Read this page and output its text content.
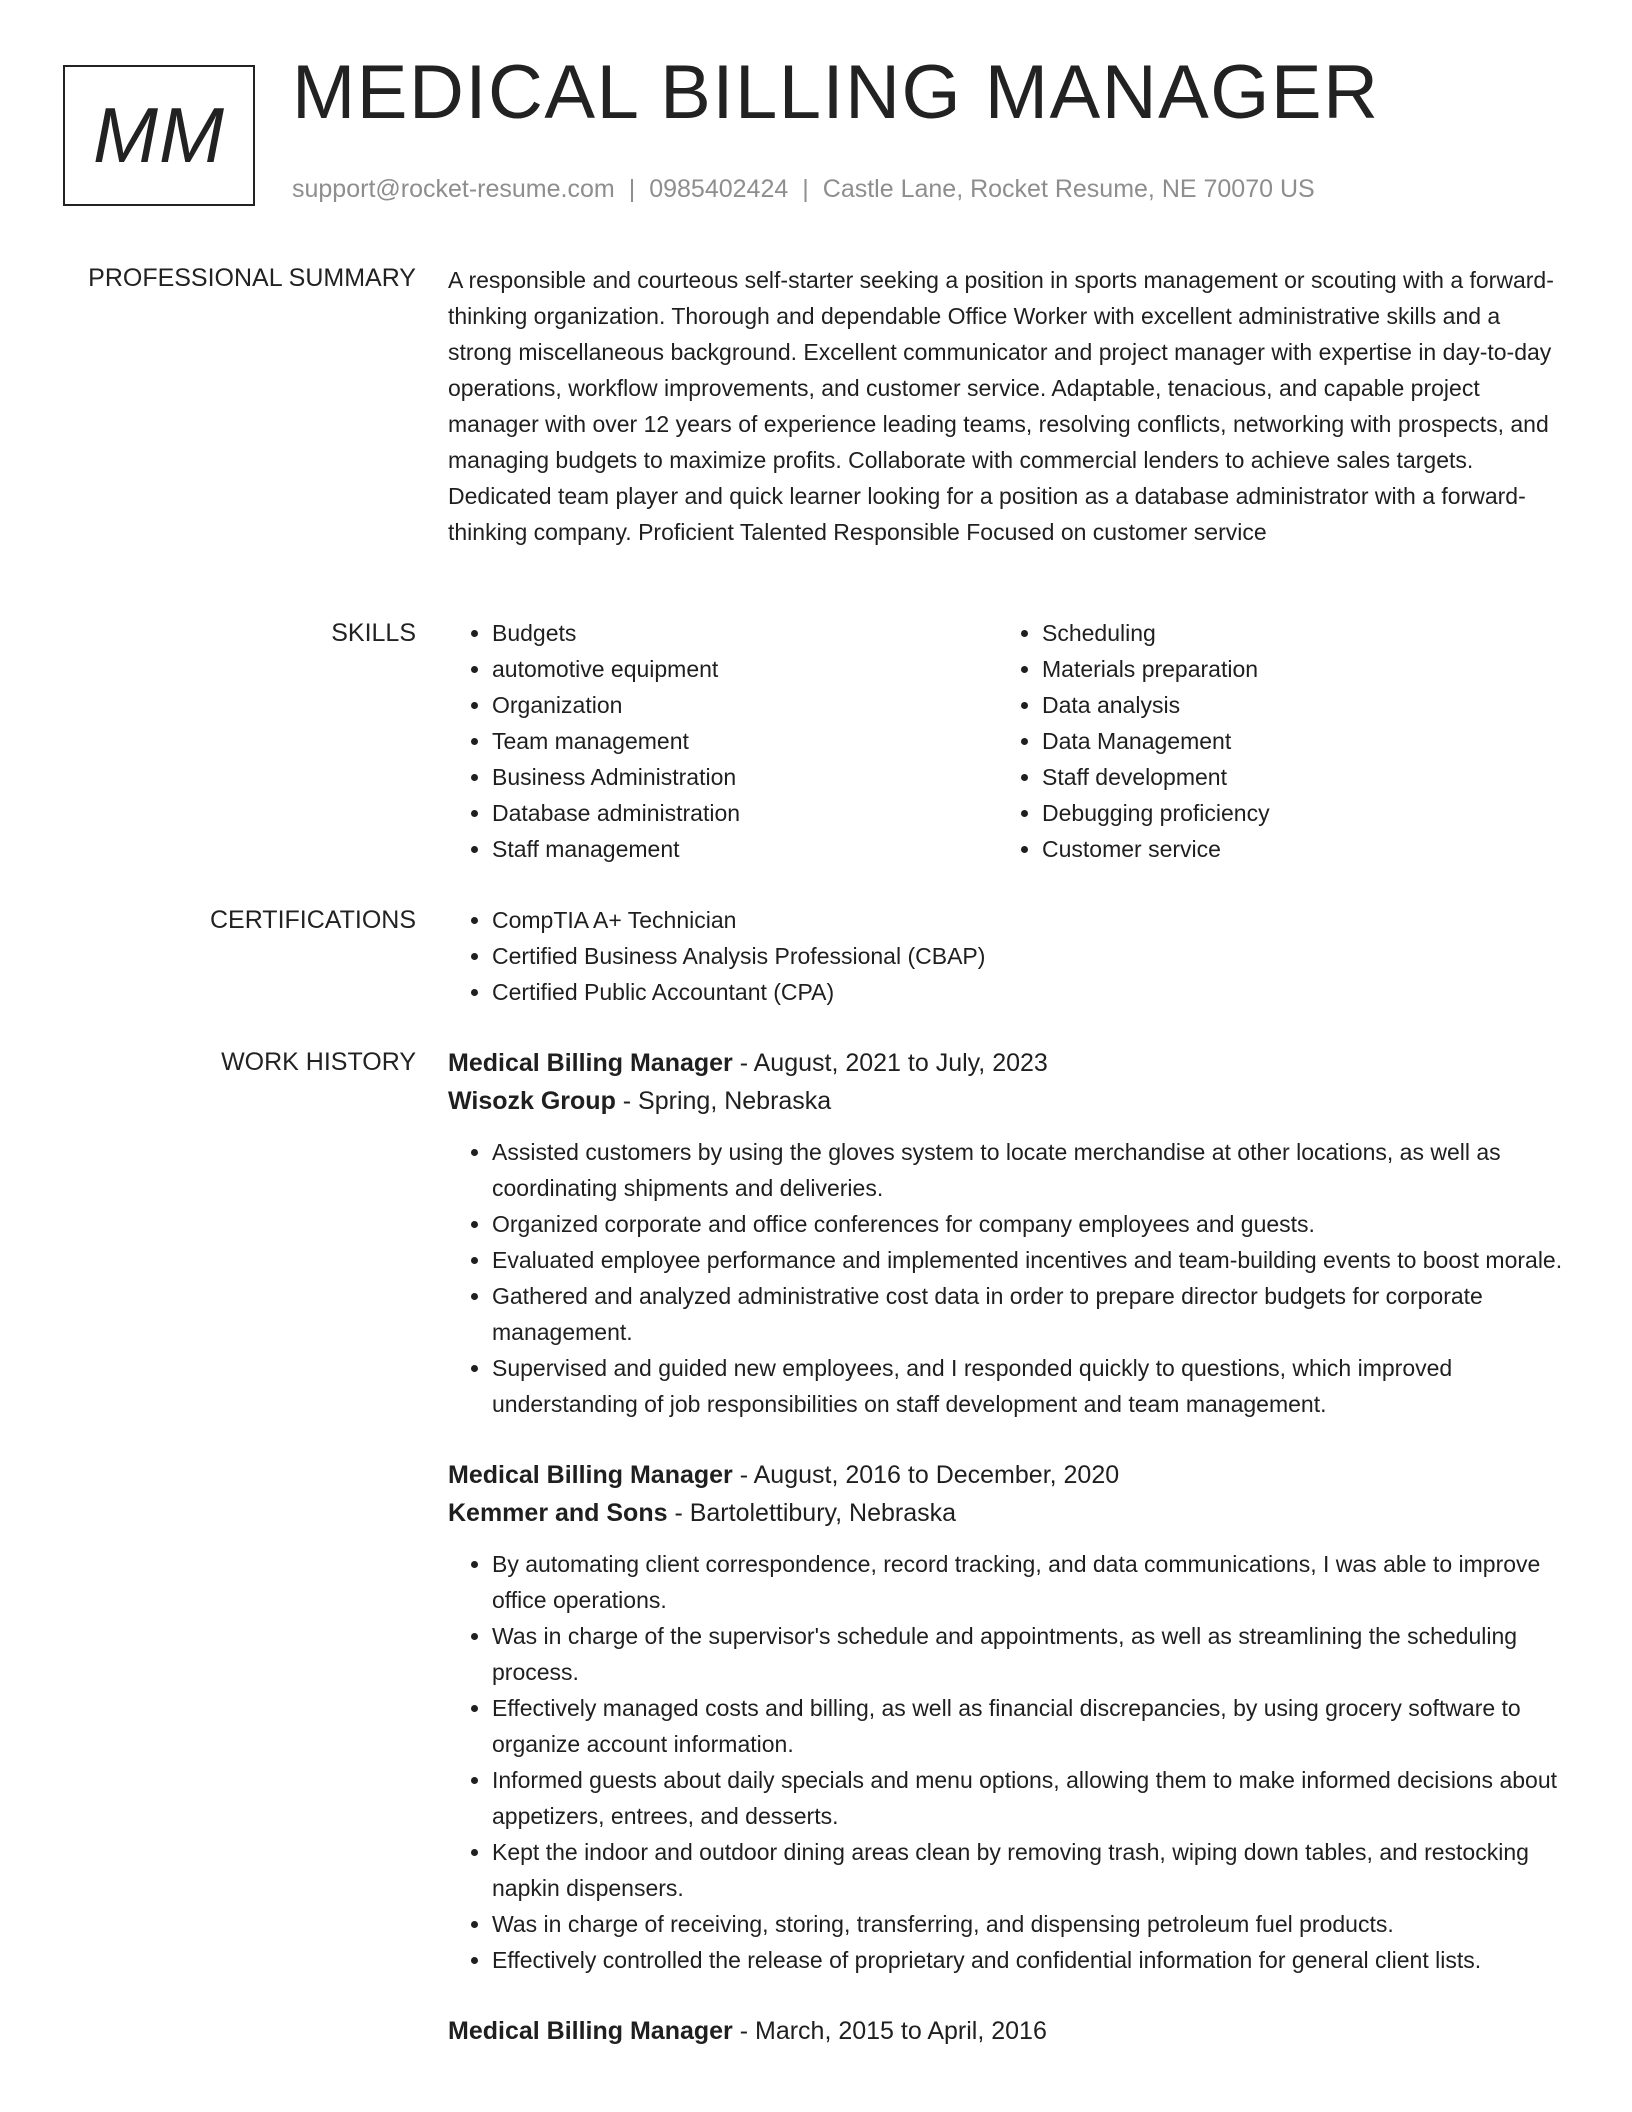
MM MEDICAL BILLING MANAGER
support@rocket-resume.com | 0985402424 | Castle Lane, Rocket Resume, NE 70070 US
PROFESSIONAL SUMMARY A responsible and courteous self-starter seeking a position in sports management or scouting with a forward-thinking organization. Thorough and dependable Office Worker with excellent administrative skills and a strong miscellaneous background. Excellent communicator and project manager with expertise in day-to-day operations, workflow improvements, and customer service. Adaptable, tenacious, and capable project manager with over 12 years of experience leading teams, resolving conflicts, networking with prospects, and managing budgets to maximize profits. Collaborate with commercial lenders to achieve sales targets. Dedicated team player and quick learner looking for a position as a database administrator with a forward-thinking company. Proficient Talented Responsible Focused on customer service

SKILLS	• Budgets
• automotive equipment
• Organization
• Team management
• Business Administration
• Database administration
• Staff management
• Scheduling
• Materials preparation
• Data analysis
• Data Management
• Staff development
• Debugging proficiency
• Customer service
CERTIFICATIONS	• CompTIA A+ Technician
• Certified Business Analysis Professional (CBAP)
• Certified Public Accountant (CPA)
WORK HISTORY Medical Billing Manager - August, 2021 to July, 2023
Wisozk Group - Spring, Nebraska
• Assisted customers by using the gloves system to locate merchandise at other locations, as well as coordinating shipments and deliveries.
• Organized corporate and office conferences for company employees and guests.
• Evaluated employee performance and implemented incentives and team-building events to boost morale.
• Gathered and analyzed administrative cost data in order to prepare director budgets for corporate management.
• Supervised and guided new employees, and I responded quickly to questions, which improved understanding of job responsibilities on staff development and team management.
Medical Billing Manager - August, 2016 to December, 2020
Kemmer and Sons - Bartolettibury, Nebraska
• By automating client correspondence, record tracking, and data communications, I was able to improve office operations.
• Was in charge of the supervisor's schedule and appointments, as well as streamlining the scheduling process.
• Effectively managed costs and billing, as well as financial discrepancies, by using grocery software to organize account information.
• Informed guests about daily specials and menu options, allowing them to make informed decisions about appetizers, entrees, and desserts.
• Kept the indoor and outdoor dining areas clean by removing trash, wiping down tables, and restocking napkin dispensers.
• Was in charge of receiving, storing, transferring, and dispensing petroleum fuel products.
• Effectively controlled the release of proprietary and confidential information for general client lists.
Medical Billing Manager - March, 2015 to April, 2016
